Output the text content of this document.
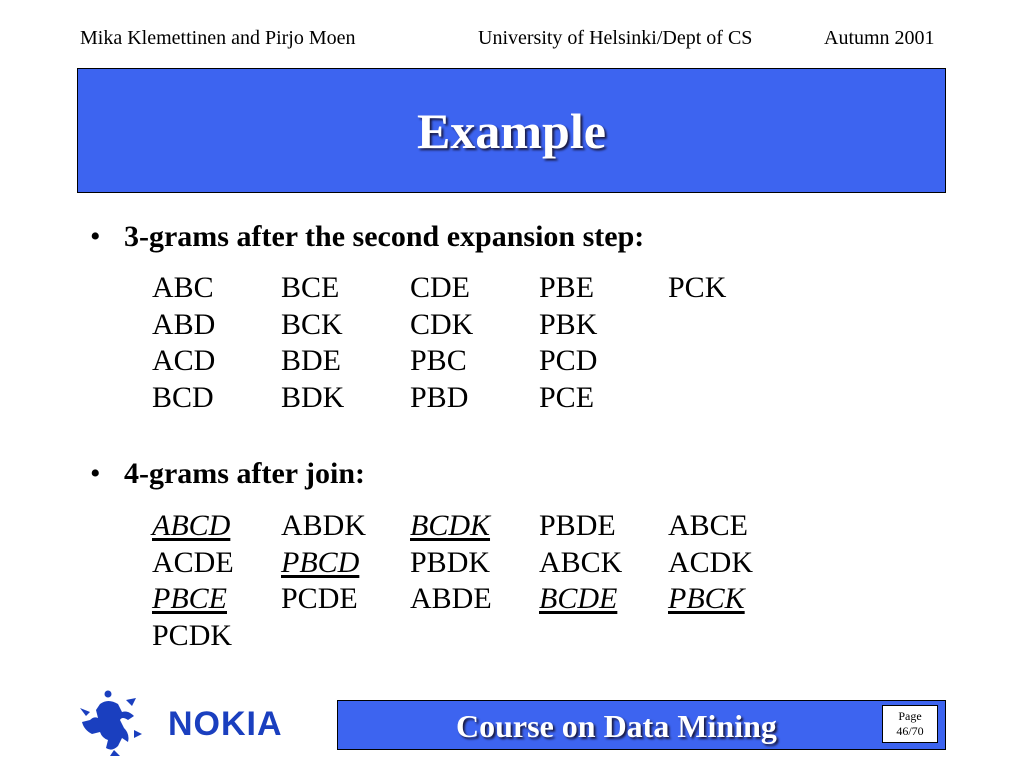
Mika Klemettinen and Pirjo Moen	University of Helsinki/Dept of CS	Autumn 2001
Example
• 3-grams after the second expansion step:
ABC	BCE	CDE	PBE	PCK
ABD	BCK	CDK	PBK
ACD	BDE	PBC	PCD
BCD	BDK	PBD	PCE
• 4-grams after join:
ABCD	ABDK	BCDK	PBDE	ABCE
ACDE	PBCD	PBDK	ABCK	ACDK
PBCE	PCDE	ABDE	BCDE	PBCK
PCDK
NOKIA	Course on Data Mining	Page
46/70
